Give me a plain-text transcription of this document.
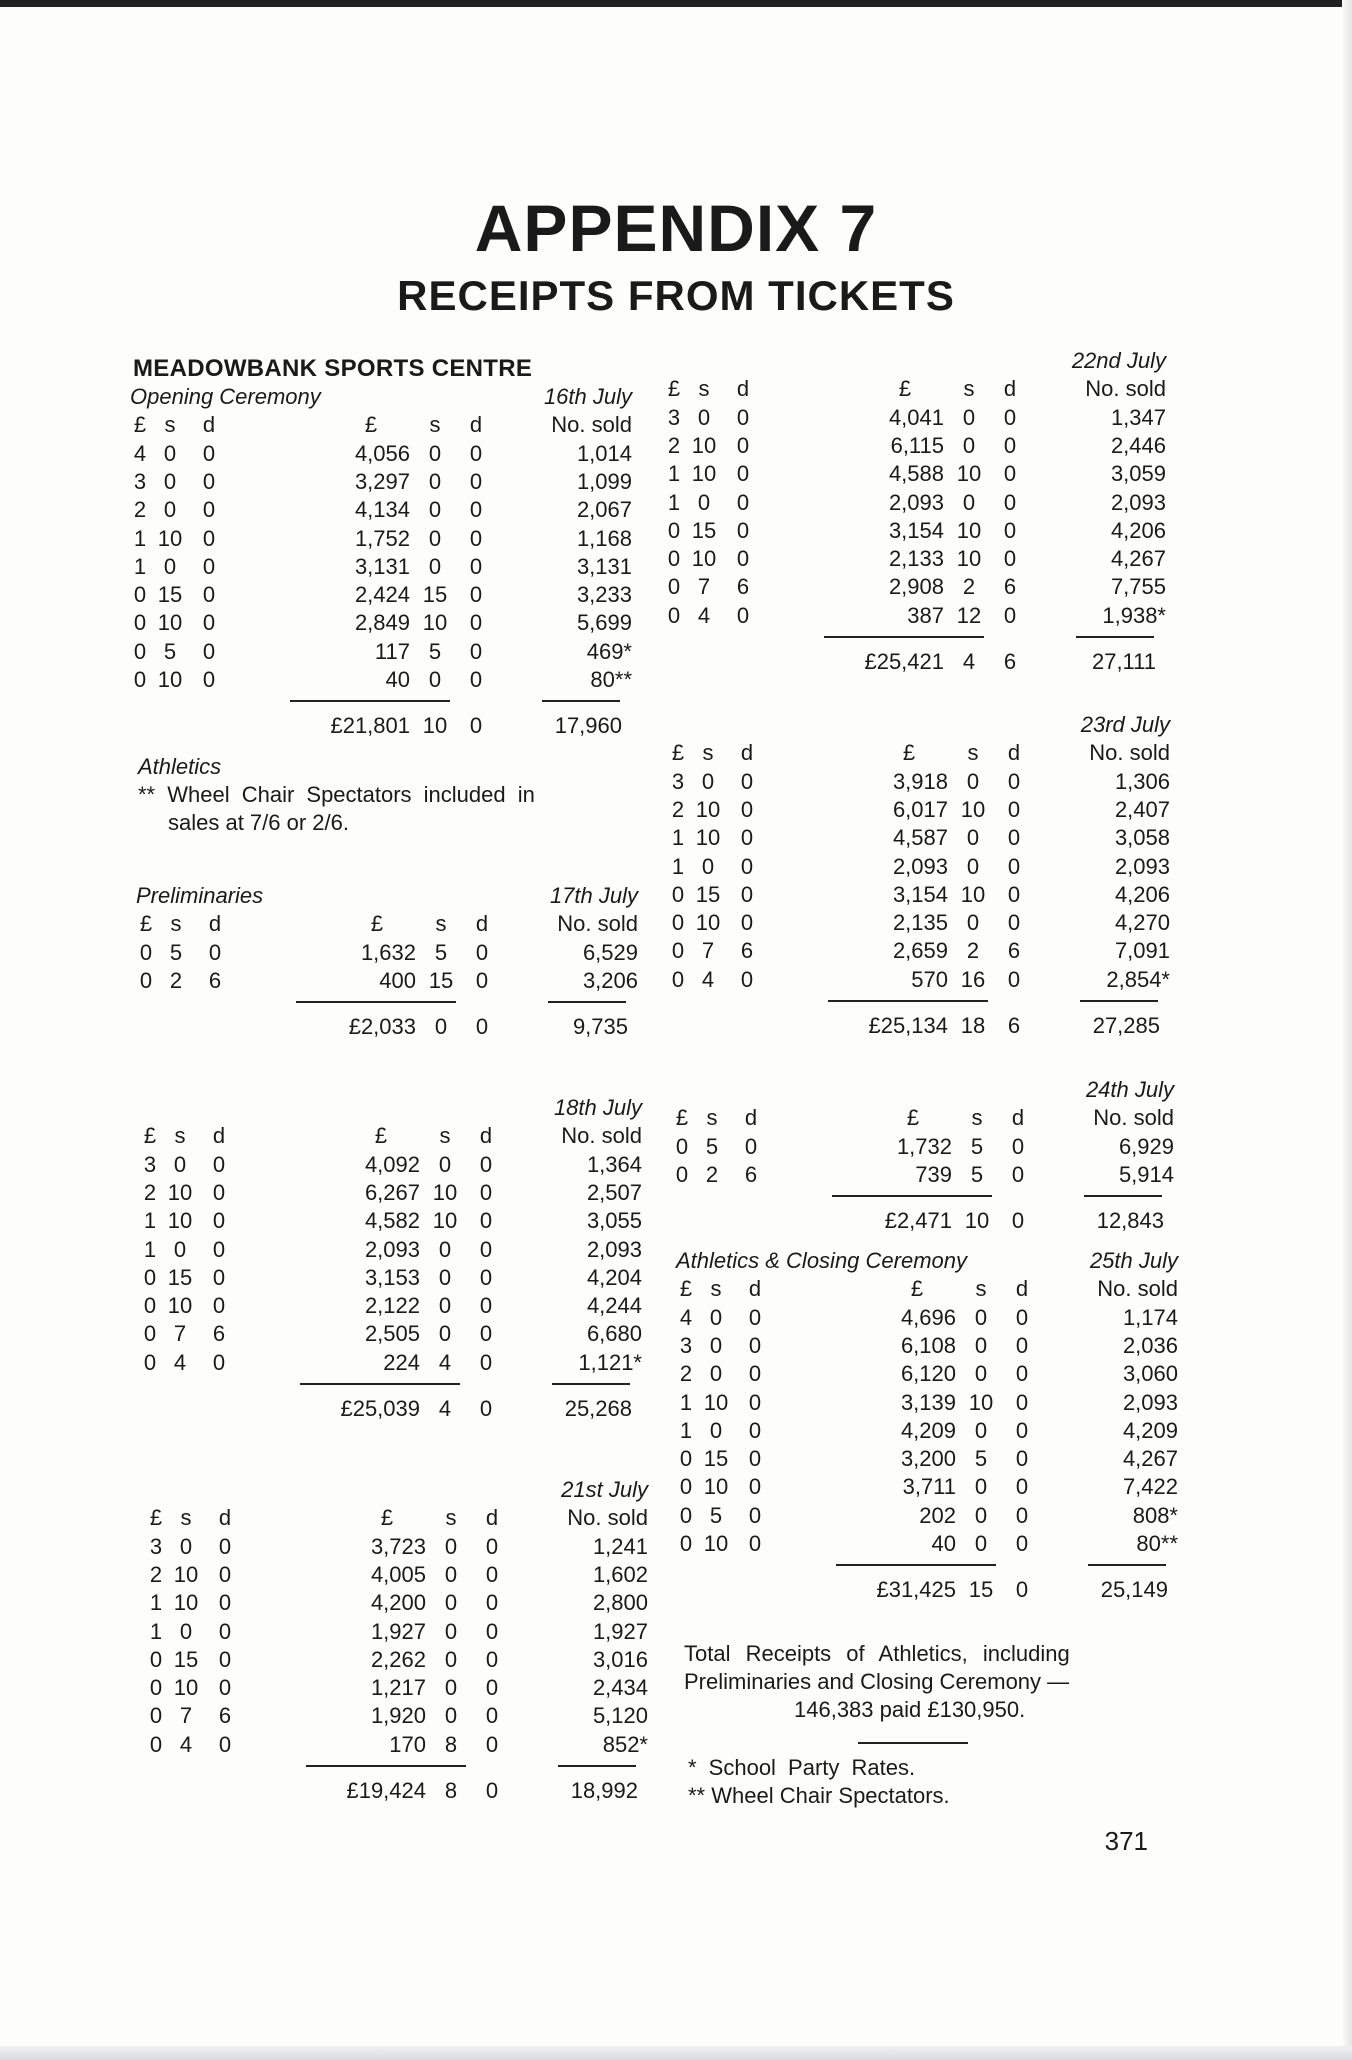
APPENDIX 7
RECEIPTS FROM TICKETS
MEADOWBANK SPORTS CENTRE
Opening Ceremony	16th July
£ s	d	£	s	d	No. sold
4 0	0	4,056 0	0	1,014
3 0	0	3,297 0	0	1,099
2 0	0	4,134 0	0	2,067
1 10 0	1,752 0	0	1,168
1 0	0	3,131 0	0	3,131
0 15 0	2,424 15	0	3,233
0 10 0	2,849 10	0	5,699
0 5	0	117 5	0	469*
0 10 0	40 0	0	80**
£21,801 10	0	17,960
Athletics
** Wheel Chair Spectators included in
sales at 7/6 or 2/6.
Preliminaries	17th July
£ s	d	£	s	d	No. sold
0 5	0	1,632 5	0	6,529
0 2	6	400 15	0	3,206
£2,033 0	0	9,735
18th July
£ s	d	£	s	d	No. sold
3 0	0	4,092 0	0	1,364
2 10 0	6,267 10	0	2,507
1 10 0	4,582 10	0	3,055
1 0	0	2,093 0	0	2,093
0 15 0	3,153 0	0	4,204
0 10 0	2,122 0	0	4,244
0 7	6	2,505 0	0	6,680
0 4	0	224 4	0	1,121*
£25,039 4	0	25,268
21st July
£ s	d	£	s	d	No. sold
3 0	0	3,723 0	0	1,241
2 10 0	4,005 0	0	1,602
1 10 0	4,200 0	0	2,800
1 0	0	1,927 0	0	1,927
0 15 0	2,262 0	0	3,016
0 10 0	1,217 0	0	2,434
0 7	6	1,920 0	0	5,120
0 4	0	170 8	0	852*
£19,424 8	0	18,992
22nd July
£ s	d	£	s	d	No. sold
3 0	0	4,041 0	0	1,347
2 10 0	6,115 0	0	2,446
1 10 0	4,588 10	0	3,059
1 0	0	2,093 0	0	2,093
0 15 0	3,154 10	0	4,206
0 10 0	2,133 10	0	4,267
0 7	6	2,908 2	6	7,755
0 4	0	387 12	0	1,938*
£25,421 4	6	27,111
23rd July
£ s	d	£	s	d	No. sold
3 0	0	3,918 0	0	1,306
2 10 0	6,017 10	0	2,407
1 10 0	4,587 0	0	3,058
1 0	0	2,093 0	0	2,093
0 15 0	3,154 10	0	4,206
0 10 0	2,135 0	0	4,270
0 7	6	2,659 2	6	7,091
0 4	0	570 16	0	2,854*
£25,134 18	6	27,285
24th July
£ s	d	£	s	d	No. sold
0 5	0	1,732 5	0	6,929
0 2	6	739 5	0	5,914
£2,471 10	0	12,843
Athletics & Closing Ceremony	25th July
£ s	d	£	s	d	No. sold
4 0	0	4,696 0	0	1,174
3 0	0	6,108 0	0	2,036
2 0	0	6,120 0	0	3,060
1 10 0	3,139 10	0	2,093
1 0	0	4,209 0	0	4,209
0 15 0	3,200 5	0	4,267
0 10 0	3,711 0	0	7,422
0 5	0	202 0	0	808*
0 10 0	40 0	0	80**
£31,425 15	0	25,149
Total Receipts of Athletics, including
Preliminaries and Closing Ceremony —
146,383 paid £130,950.
* School Party Rates.
** Wheel Chair Spectators.
371
